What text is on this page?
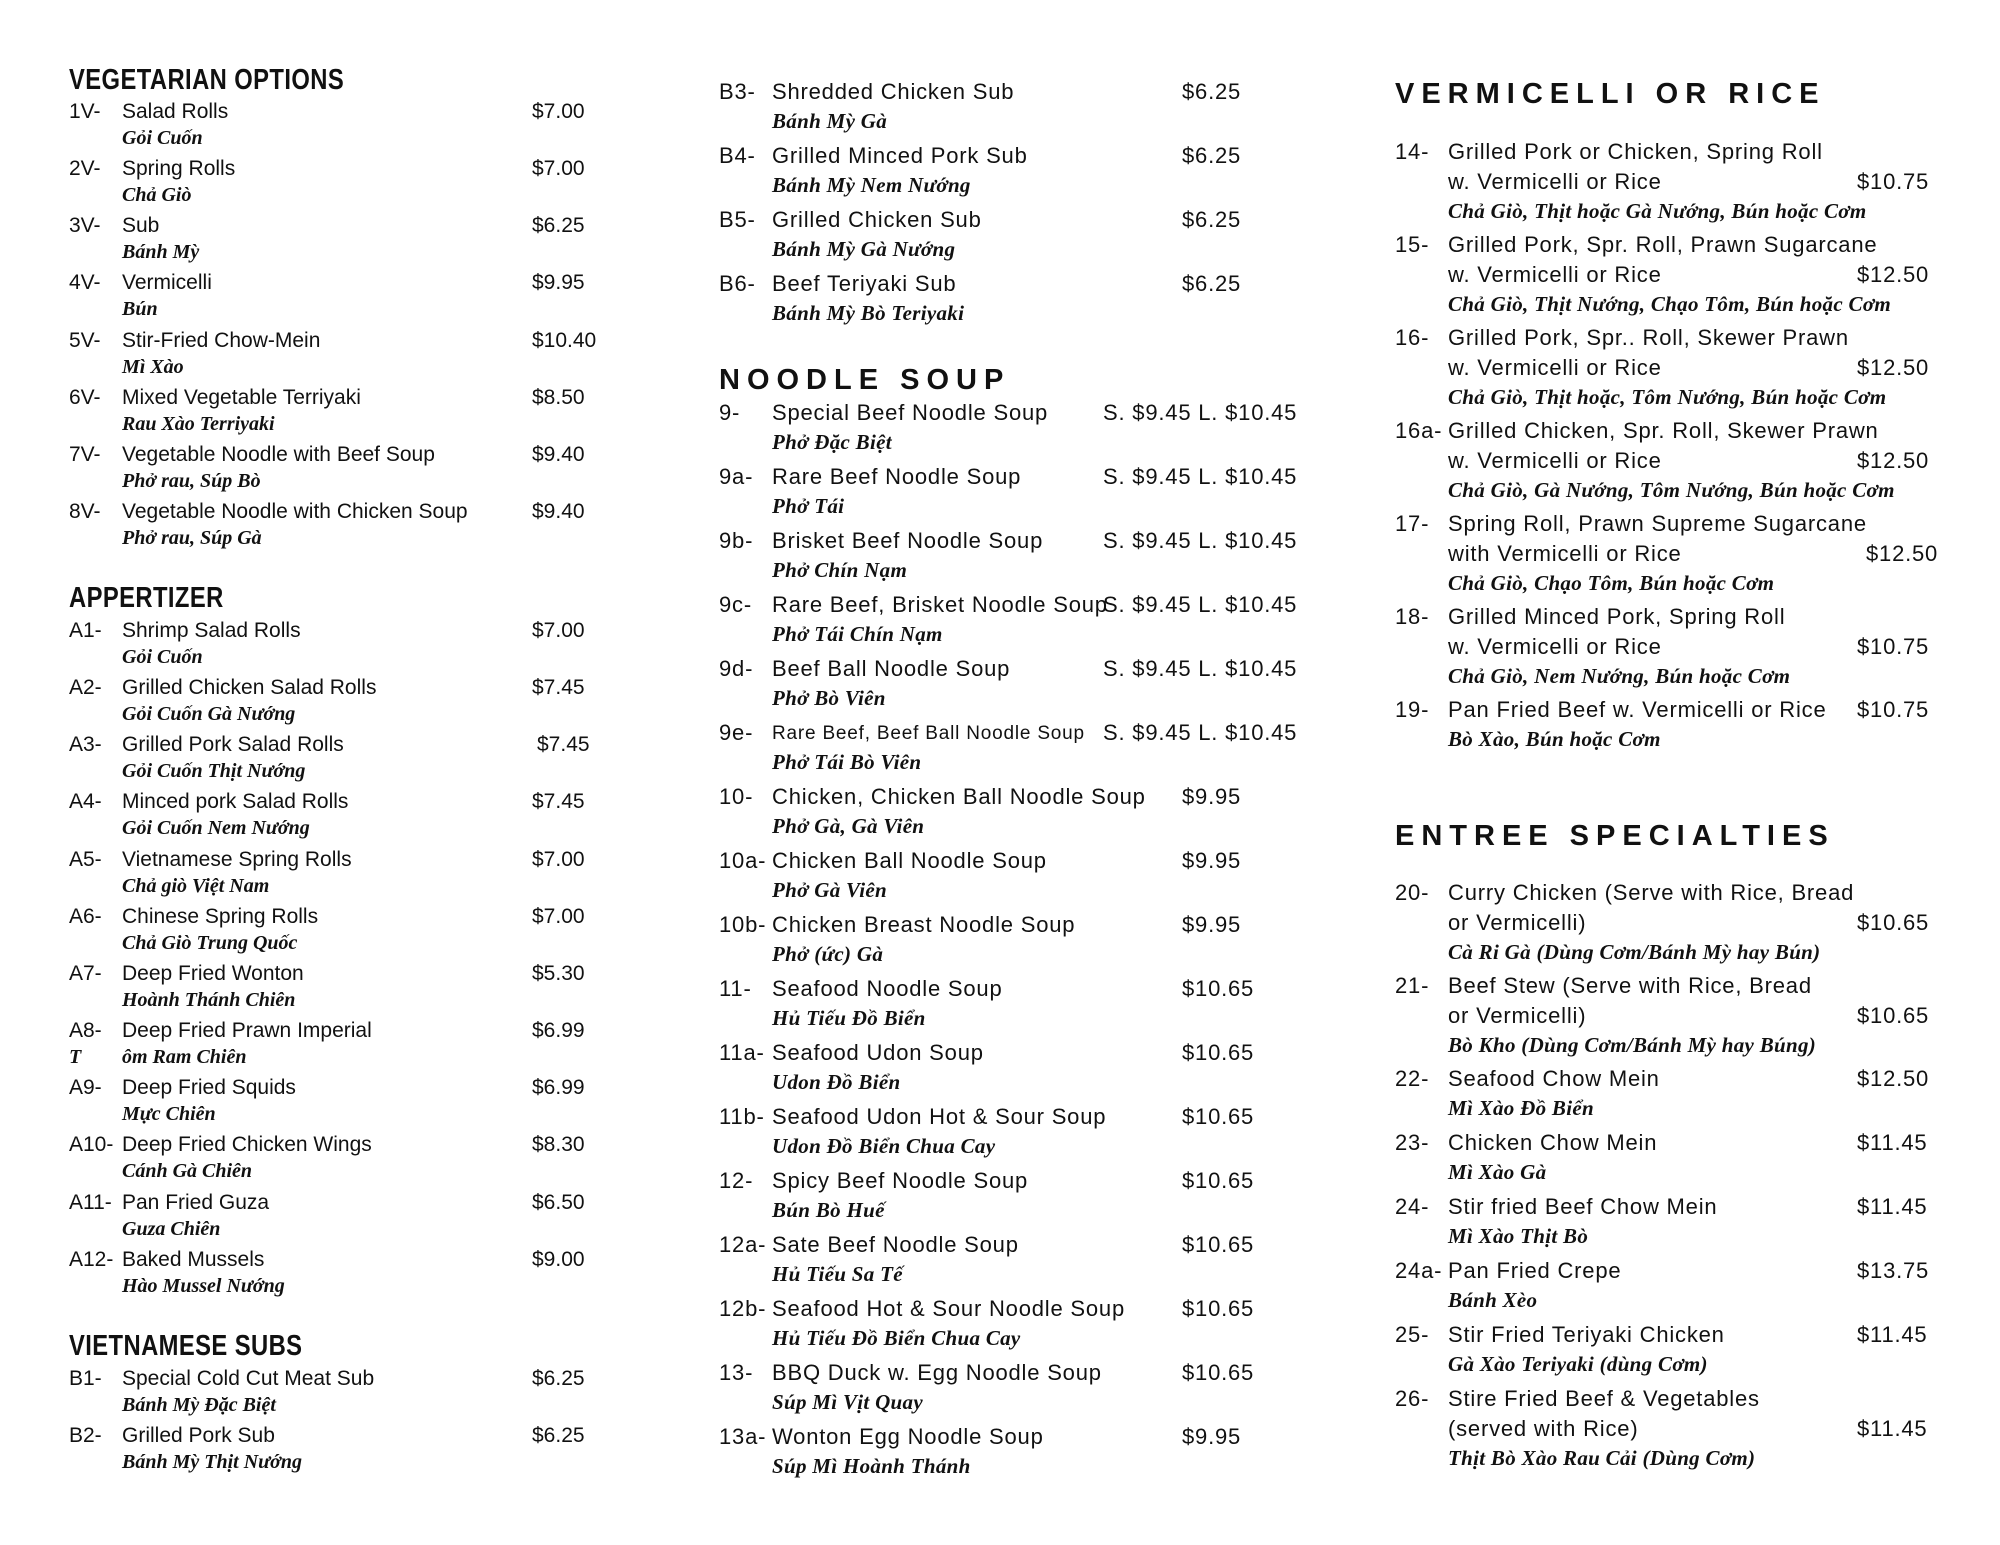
VEGETARIAN OPTIONS
1V- Salad Rolls	$7.00
Gỏi Cuốn
2V- Spring Rolls	$7.00
Chả Giò
3V- Sub	$6.25
Bánh Mỳ
4V- Vermicelli	$9.95
Bún
5V- Stir-Fried Chow-Mein	$10.40
Mì Xào
6V- Mixed Vegetable Terriyaki	$8.50
Rau Xào Terriyaki
7V- Vegetable Noodle with Beef Soup	$9.40
Phở rau, Súp Bò
8V- Vegetable Noodle with Chicken Soup	$9.40
Phở rau, Súp Gà
APPERTIZER
A1- Shrimp Salad Rolls	$7.00
Gỏi Cuốn
A2- Grilled Chicken Salad Rolls	$7.45
Gỏi Cuốn Gà Nướng
A3- Grilled Pork Salad Rolls	$7.45
Gỏi Cuốn Thịt Nướng
A4- Minced pork Salad Rolls	$7.45
Gỏi Cuốn Nem Nướng
A5- Vietnamese Spring Rolls	$7.00
Chả giò Việt Nam
A6- Chinese Spring Rolls	$7.00
Chả Giò Trung Quốc
A7- Deep Fried Wonton	$5.30
Hoành Thánh Chiên
A8- Deep Fried Prawn Imperial	$6.99
T ôm Ram Chiên
A9- Deep Fried Squids	$6.99
Mực Chiên
A10- Deep Fried Chicken Wings	$8.30
Cánh Gà Chiên
A11- Pan Fried Guza	$6.50
Guza Chiên
A12- Baked Mussels	$9.00
Hào Mussel Nướng
VIETNAMESE SUBS
B1- Special Cold Cut Meat Sub	$6.25
Bánh Mỳ Đặc Biệt
B2- Grilled Pork Sub	$6.25
Bánh Mỳ Thịt Nướng
B3- Shredded Chicken Sub	$6.25
Bánh Mỳ Gà
B4- Grilled Minced Pork Sub	$6.25
Bánh Mỳ Nem Nướng
B5- Grilled Chicken Sub	$6.25
Bánh Mỳ Gà Nướng
B6- Beef Teriyaki Sub	$6.25
Bánh Mỳ Bò Teriyaki
NOODLE SOUP
9- Special Beef Noodle Soup S. $9.45 L. $10.45
Phở Đặc Biệt
9a- Rare Beef Noodle Soup	S. $9.45 L. $10.45
Phở Tái
9b- Brisket Beef Noodle Soup	S. $9.45 L. $10.45
Phở Chín Nạm
9c- Rare Beef, Brisket Noodle Soup
S. $9.45 L. $10.45
Phở Tái Chín Nạm
9d- Beef Ball Noodle Soup	S. $9.45 L. $10.45
Phở Bò Viên
9e- Rare Beef, Beef Ball Noodle Soup S. $9.45 L. $10.45
Phở Tái Bò Viên
10- Chicken, Chicken Ball Noodle Soup $9.95
Phở Gà, Gà Viên
10a- Chicken Ball Noodle Soup	$9.95
Phở Gà Viên
10b- Chicken Breast Noodle Soup	$9.95
Phở (ức) Gà
11- Seafood Noodle Soup	$10.65
Hủ Tiếu Đồ Biển
11a- Seafood Udon Soup	$10.65
Udon Đồ Biển
11b- Seafood Udon Hot & Sour Soup	$10.65
Udon Đồ Biển Chua Cay
12- Spicy Beef Noodle Soup	$10.65
Bún Bò Huế
12a- Sate Beef Noodle Soup	$10.65
Hủ Tiếu Sa Tế
12b- Seafood Hot & Sour Noodle Soup	$10.65
Hủ Tiếu Đồ Biển Chua Cay
13- BBQ Duck w. Egg Noodle Soup	$10.65
Súp Mì Vịt Quay
13a- Wonton Egg Noodle Soup	$9.95
Súp Mì Hoành Thánh
VERMICELLI OR RICE
14- Grilled Pork or Chicken, Spring Roll
w. Vermicelli or Rice	$10.75
Chả Giò, Thịt hoặc Gà Nướng, Bún hoặc Cơm
15- Grilled Pork, Spr. Roll, Prawn Sugarcane
w. Vermicelli or Rice	$12.50
Chả Giò, Thịt Nướng, Chạo Tôm, Bún hoặc Cơm
16- Grilled Pork, Spr.. Roll, Skewer Prawn
w. Vermicelli or Rice	$12.50
Chả Giò, Thịt hoặc, Tôm Nướng, Bún hoặc Cơm
16a- Grilled Chicken, Spr. Roll, Skewer Prawn
w. Vermicelli or Rice	$12.50
Chả Giò, Gà Nướng, Tôm Nướng, Bún hoặc Cơm
17- Spring Roll, Prawn Supreme Sugarcane
with Vermicelli or Rice	$12.50
Chả Giò, Chạo Tôm, Bún hoặc Cơm
18- Grilled Minced Pork, Spring Roll
w. Vermicelli or Rice	$10.75
Chả Giò, Nem Nướng, Bún hoặc Cơm
19- Pan Fried Beef w. Vermicelli or Rice $10.75
Bò Xào, Bún hoặc Cơm
ENTREE SPECIALTIES
20- Curry Chicken (Serve with Rice, Bread
or Vermicelli)	$10.65
Cà Ri Gà (Dùng Cơm/Bánh Mỳ hay Bún)
21- Beef Stew (Serve with Rice, Bread
or Vermicelli)	$10.65
Bò Kho (Dùng Cơm/Bánh Mỳ hay Búng)
22- Seafood Chow Mein	$12.50
Mì Xào Đồ Biển
23- Chicken Chow Mein	$11.45
Mì Xào Gà
24- Stir fried Beef Chow Mein	$11.45
Mì Xào Thịt Bò
24a- Pan Fried Crepe	$13.75
Bánh Xèo
25- Stir Fried Teriyaki Chicken	$11.45
Gà Xào Teriyaki (dùng Cơm)
26- Stire Fried Beef & Vegetables
(served with Rice)	$11.45
Thịt Bò Xào Rau Cải (Dùng Cơm)
